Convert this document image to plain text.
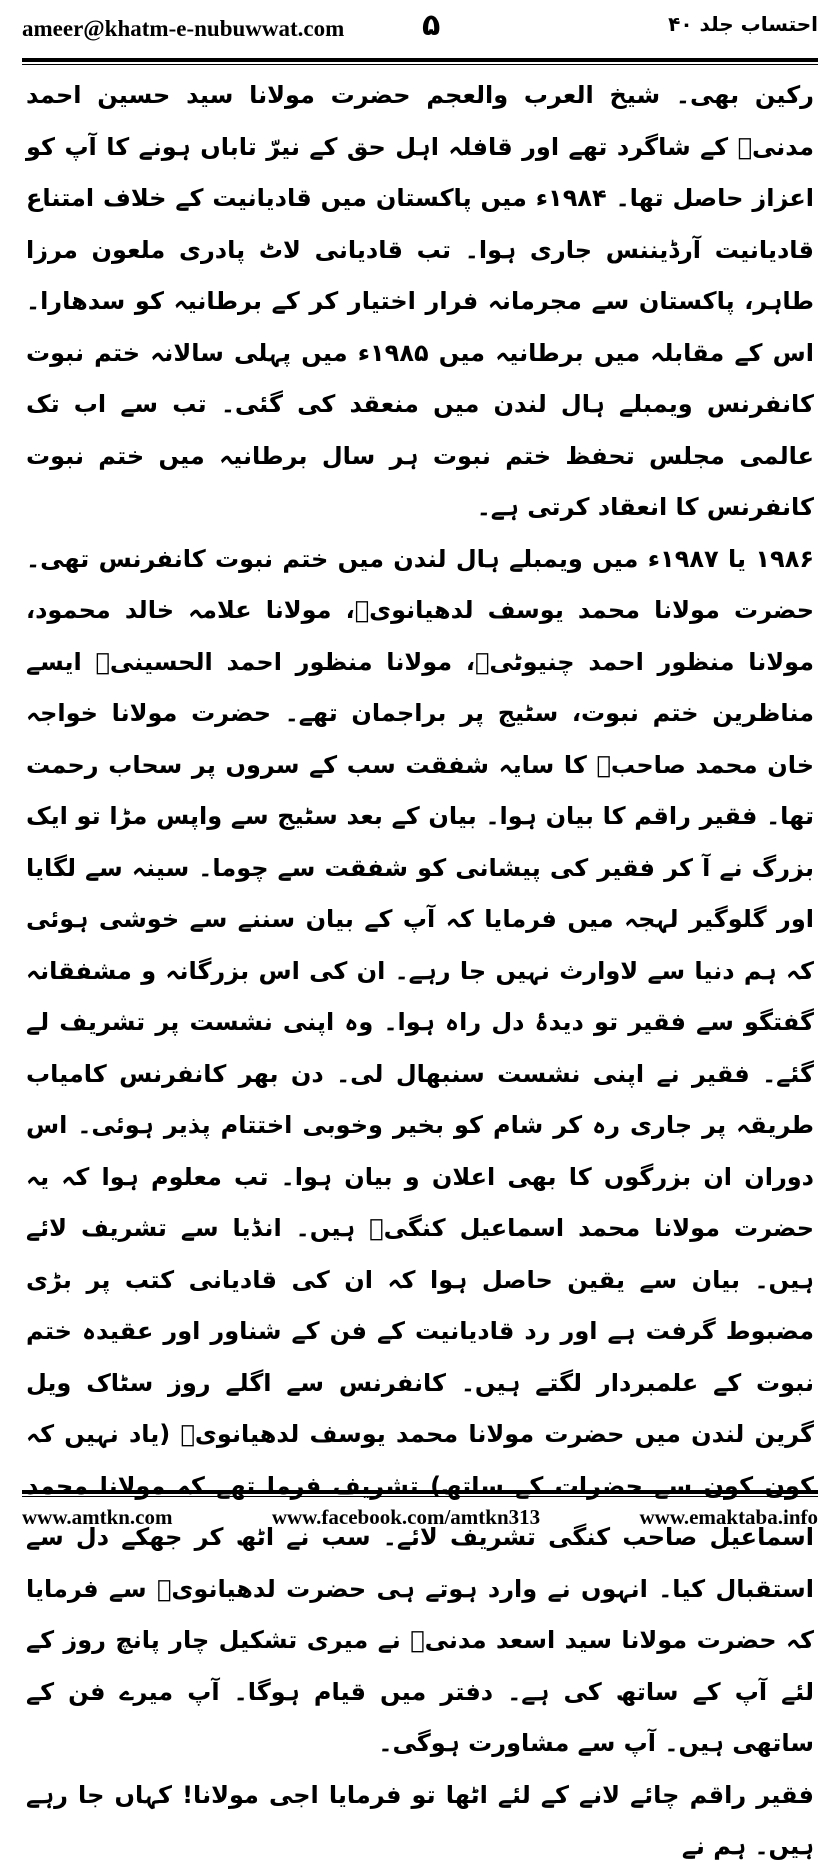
ameer@khatm-e-nubuwwat.com	۵	احتساب جلد ۴۰

رکین بھی۔ شیخ العرب والعجم حضرت مولانا سید حسین احمد مدنیؒ کے شاگرد تھے اور قافلہ اہل حق کے نیرّ تاباں ہونے کا آپ کو اعزاز حاصل تھا۔ ۱۹۸۴ء میں پاکستان میں قادیانیت کے خلاف امتناع قادیانیت آرڈیننس جاری ہوا۔ تب قادیانی لاٹ پادری ملعون مرزا طاہر، پاکستان سے مجرمانہ فرار اختیار کر کے برطانیہ کو سدھارا۔ اس کے مقابلہ میں برطانیہ میں ۱۹۸۵ء میں پہلی سالانہ ختم نبوت کانفرنس ویمبلے ہال لندن میں منعقد کی گئی۔ تب سے اب تک عالمی مجلس تحفظ ختم نبوت ہر سال برطانیہ میں ختم نبوت کانفرنس کا انعقاد کرتی ہے۔

۱۹۸۶ یا ۱۹۸۷ء میں ویمبلے ہال لندن میں ختم نبوت کانفرنس تھی۔ حضرت مولانا محمد یوسف لدھیانویؒ، مولانا علامہ خالد محمود، مولانا منظور احمد چنیوٹیؒ، مولانا منظور احمد الحسینیؒ ایسے مناظرین ختم نبوت، سٹیج پر براجمان تھے۔ حضرت مولانا خواجہ خان محمد صاحبؒ کا سایہ شفقت سب کے سروں پر سحاب رحمت تھا۔ فقیر راقم کا بیان ہوا۔ بیان کے بعد سٹیج سے واپس مڑا تو ایک بزرگ نے آ کر فقیر کی پیشانی کو شفقت سے چوما۔ سینہ سے لگایا اور گلوگیر لہجہ میں فرمایا کہ آپ کے بیان سننے سے خوشی ہوئی کہ ہم دنیا سے لاوارث نہیں جا رہے۔ ان کی اس بزرگانہ و مشفقانہ گفتگو سے فقیر تو دیدۂ دل راہ ہوا۔ وہ اپنی نشست پر تشریف لے گئے۔ فقیر نے اپنی نشست سنبھال لی۔ دن بھر کانفرنس کامیاب طریقہ پر جاری رہ کر شام کو بخیر وخوبی اختتام پذیر ہوئی۔ اس دوران ان بزرگوں کا بھی اعلان و بیان ہوا۔ تب معلوم ہوا کہ یہ حضرت مولانا محمد اسماعیل کنگیؒ ہیں۔ انڈیا سے تشریف لائے ہیں۔ بیان سے یقین حاصل ہوا کہ ان کی قادیانی کتب پر بڑی مضبوط گرفت ہے اور رد قادیانیت کے فن کے شناور اور عقیدہ ختم نبوت کے علمبردار لگتے ہیں۔ کانفرنس سے اگلے روز سٹاک ویل گرین لندن میں حضرت مولانا محمد یوسف لدھیانویؒ (یاد نہیں کہ کون کون سے حضرات کے ساتھ) تشریف فرما تھے کہ مولانا محمد اسماعیل صاحب کنگی تشریف لائے۔ سب نے اٹھ کر جھکے دل سے استقبال کیا۔ انہوں نے وارد ہوتے ہی حضرت لدھیانویؒ سے فرمایا کہ حضرت مولانا سید اسعد مدنیؒ نے میری تشکیل چار پانچ روز کے لئے آپ کے ساتھ کی ہے۔ دفتر میں قیام ہوگا۔ آپ میرے فن کے ساتھی ہیں۔ آپ سے مشاورت ہوگی۔

فقیر راقم چائے لانے کے لئے اٹھا تو فرمایا اجی مولانا! کہاں جا رہے ہیں۔ ہم نے

www.amtkn.com	www.facebook.com/amtkn313	www.emaktaba.info
